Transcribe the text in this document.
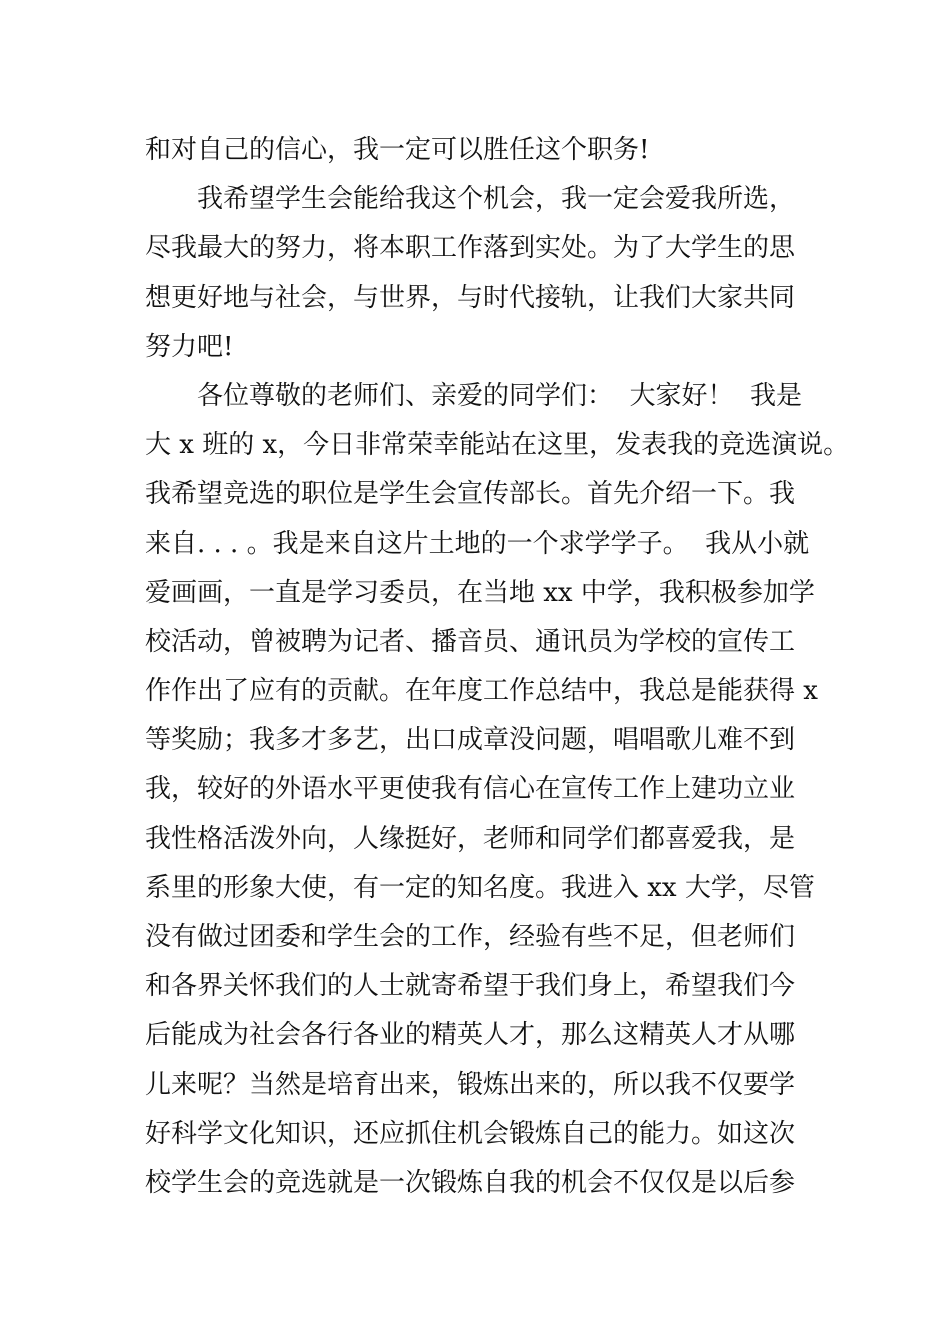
和对自己的信心，我一定可以胜任这个职务!
我希望学生会能给我这个机会，我一定会爱我所选，
尽我最大的努力，将本职工作落到实处。为了大学生的思
想更好地与社会，与世界，与时代接轨，让我们大家共同
努力吧!
各位尊敬的老师们、亲爱的同学们：  大家好！  我是
大 x 班的 x，今日非常荣幸能站在这里，发表我的竞选演说。
我希望竞选的职位是学生会宣传部长。首先介绍一下。我
来自. . . 。我是来自这片土地的一个求学学子。  我从小就
爱画画，一直是学习委员，在当地 xx 中学，我积极参加学
校活动，曾被聘为记者、播音员、通讯员为学校的宣传工
作作出了应有的贡献。在年度工作总结中，我总是能获得 x
等奖励；我多才多艺，出口成章没问题，唱唱歌儿难不到
我，较好的外语水平更使我有信心在宣传工作上建功立业
我性格活泼外向，人缘挺好，老师和同学们都喜爱我，是
系里的形象大使，有一定的知名度。我进入 xx 大学，尽管
没有做过团委和学生会的工作，经验有些不足，但老师们
和各界关怀我们的人士就寄希望于我们身上，希望我们今
后能成为社会各行各业的精英人才，那么这精英人才从哪
儿来呢？当然是培育出来，锻炼出来的，所以我不仅要学
好科学文化知识，还应抓住机会锻炼自己的能力。如这次
校学生会的竞选就是一次锻炼自我的机会不仅仅是以后参
